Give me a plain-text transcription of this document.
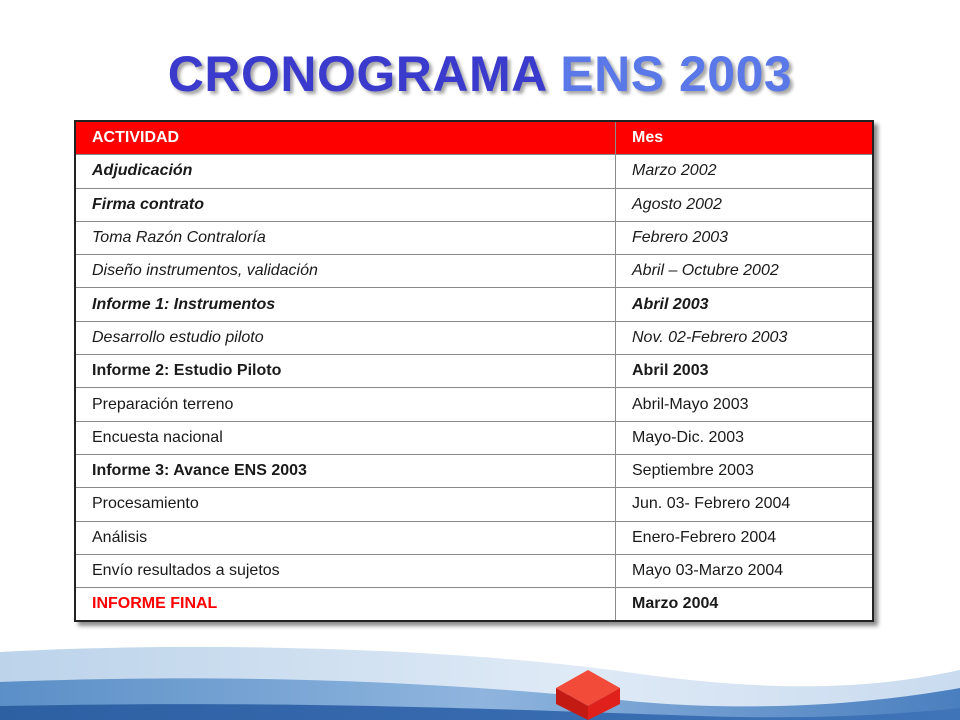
CRONOGRAMA ENS 2003
ACTIVIDAD	Mes
Adjudicación	Marzo 2002
Firma contrato	Agosto 2002
Toma Razón Contraloría	Febrero 2003
Diseño instrumentos, validación	Abril – Octubre 2002
Informe 1: Instrumentos	Abril 2003
Desarrollo estudio piloto	Nov. 02-Febrero 2003
Informe 2: Estudio Piloto	Abril 2003
Preparación terreno	Abril-Mayo 2003
Encuesta nacional	Mayo-Dic. 2003
Informe 3: Avance ENS 2003	Septiembre 2003
Procesamiento	Jun. 03- Febrero 2004
Análisis	Enero-Febrero 2004
Envío resultados a sujetos	Mayo 03-Marzo 2004
INFORME FINAL	Marzo 2004
